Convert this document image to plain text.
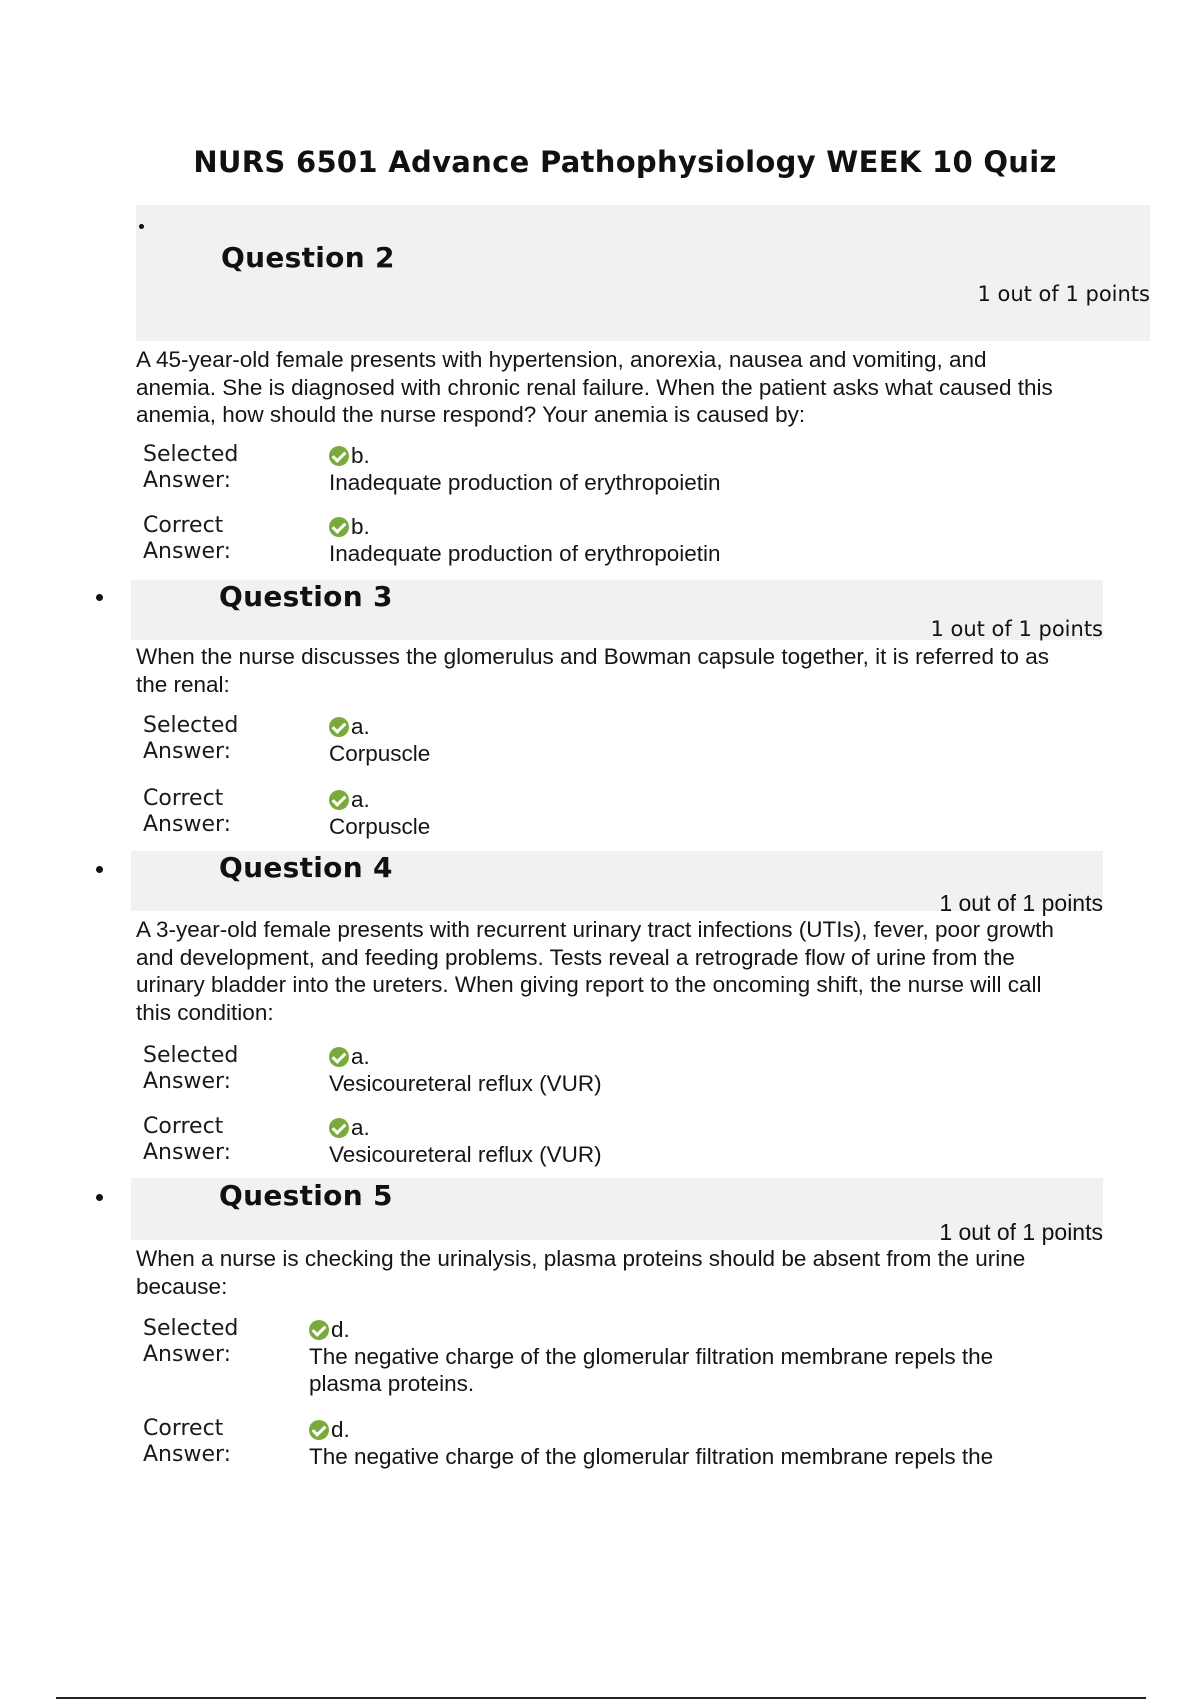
NURS 6501 Advance Pathophysiology WEEK 10 Quiz
Question 2
1 out of 1 points

A 45-year-old female presents with hypertension, anorexia, nausea and vomiting, and anemia. She is diagnosed with chronic renal failure. When the patient asks what caused this anemia, how should the nurse respond? Your anemia is caused by:

Selected
Answer:
b.
Inadequate production of erythropoietin
Correct
Answer:
b.
Inadequate production of erythropoietin
Question 3
1 out of 1 points

When the nurse discusses the glomerulus and Bowman capsule together, it is referred to as the renal:

Selected
Answer:
a.
Corpuscle
Correct
Answer:
a.
Corpuscle
Question 4
1 out of 1 points

A 3-year-old female presents with recurrent urinary tract infections (UTIs), fever, poor growth and development, and feeding problems. Tests reveal a retrograde flow of urine from the urinary bladder into the ureters. When giving report to the oncoming shift, the nurse will call this condition:

Selected
Answer:
a.
Vesicoureteral reflux (VUR)
Correct
Answer:
a.
Vesicoureteral reflux (VUR)
Question 5
1 out of 1 points

When a nurse is checking the urinalysis, plasma proteins should be absent from the urine because:

Selected
Answer:
d.
The negative charge of the glomerular filtration membrane repels the plasma proteins.
Correct
Answer:
d.
The negative charge of the glomerular filtration membrane repels the
